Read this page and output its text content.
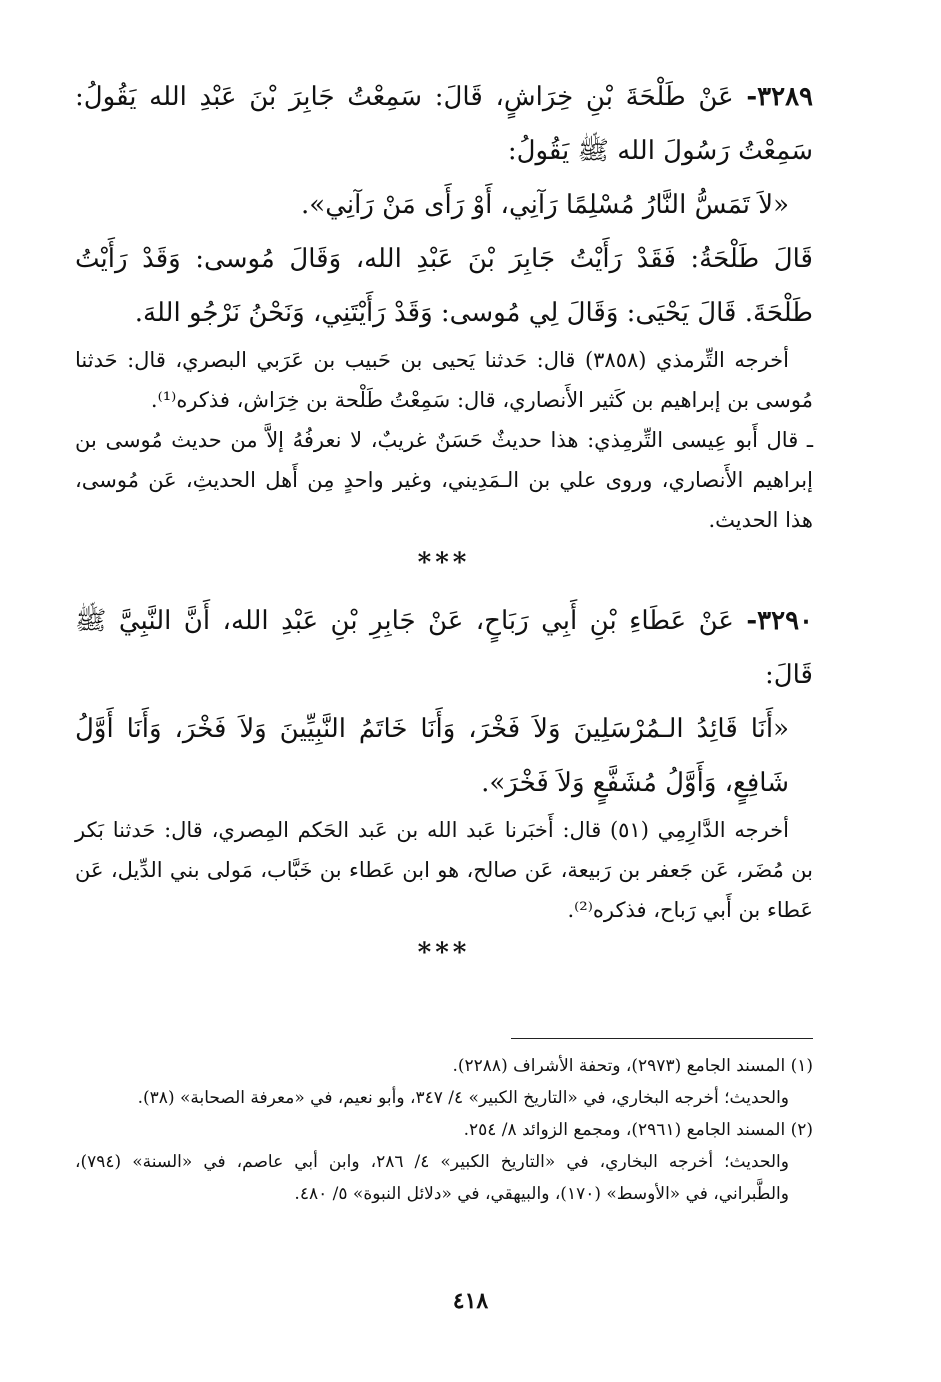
٣٢٨٩- عَنْ طَلْحَةَ بْنِ خِرَاشٍ، قَالَ: سَمِعْتُ جَابِرَ بْنَ عَبْدِ الله يَقُولُ: سَمِعْتُ رَسُولَ الله ﷺ يَقُولُ:

«لاَ تَمَسُّ النَّارُ مُسْلِمًا رَآنِي، أَوْ رَأَى مَنْ رَآنِي».

قَالَ طَلْحَةُ: فَقَدْ رَأَيْتُ جَابِرَ بْنَ عَبْدِ الله، وَقَالَ مُوسى: وَقَدْ رَأَيْتُ طَلْحَةَ. قَالَ يَحْيَى: وَقَالَ لِي مُوسى: وَقَدْ رَأَيْتَنِي، وَنَحْنُ نَرْجُو اللهَ.

أخرجه التِّرمذي (٣٨٥٨) قال: حَدثنا يَحيى بن حَبيب بن عَرَبي البصري، قال: حَدثنا مُوسى بن إبراهيم بن كَثير الأَنصاري، قال: سَمِعْتُ طَلْحة بن خِرَاش، فذكره⁽¹⁾.

ـ قال أَبو عِيسى التِّرمِذي: هذا حديثٌ حَسَنٌ غريبٌ، لا نعرفُهُ إلاَّ من حديث مُوسى بن إبراهيم الأَنصاري، وروى علي بن الـمَدِيني، وغير واحدٍ مِن أَهل الحديثِ، عَن مُوسى، هذا الحديث.

***

٣٢٩٠- عَنْ عَطَاءِ بْنِ أَبِي رَبَاحٍ، عَنْ جَابِرِ بْنِ عَبْدِ الله، أَنَّ النَّبِيَّ ﷺ قَالَ:

«أَنَا قَائِدُ الـمُرْسَلِينَ وَلاَ فَخْرَ، وَأَنَا خَاتَمُ النَّبِيِّينَ وَلاَ فَخْرَ، وَأَنَا أَوَّلُ شَافِعٍ، وَأَوَّلُ مُشَفَّعٍ وَلاَ فَخْرَ».

أخرجه الدَّارِمِي (٥١) قال: أَخبَرنا عَبد الله بن عَبد الحَكم المِصري، قال: حَدثنا بَكر بن مُضَر، عَن جَعفر بن رَبيعة، عَن صالح، هو ابن عَطاء بن خَبَّاب، مَولى بني الدِّيل، عَن عَطاء بن أَبي رَباح، فذكره⁽²⁾.

***

(١) المسند الجامع (٢٩٧٣)، وتحفة الأشراف (٢٢٨٨).

والحديث؛ أخرجه البخاري، في «التاريخ الكبير» ٤/ ٣٤٧، وأبو نعيم، في «معرفة الصحابة» (٣٨).

(٢) المسند الجامع (٢٩٦١)، ومجمع الزوائد ٨/ ٢٥٤.

والحديث؛ أخرجه البخاري، في «التاريخ الكبير» ٤/ ٢٨٦، وابن أبي عاصم، في «السنة» (٧٩٤)، والطَّبراني، في «الأوسط» (١٧٠)، والبيهقي، في «دلائل النبوة» ٥/ ٤٨٠.

٤١٨
